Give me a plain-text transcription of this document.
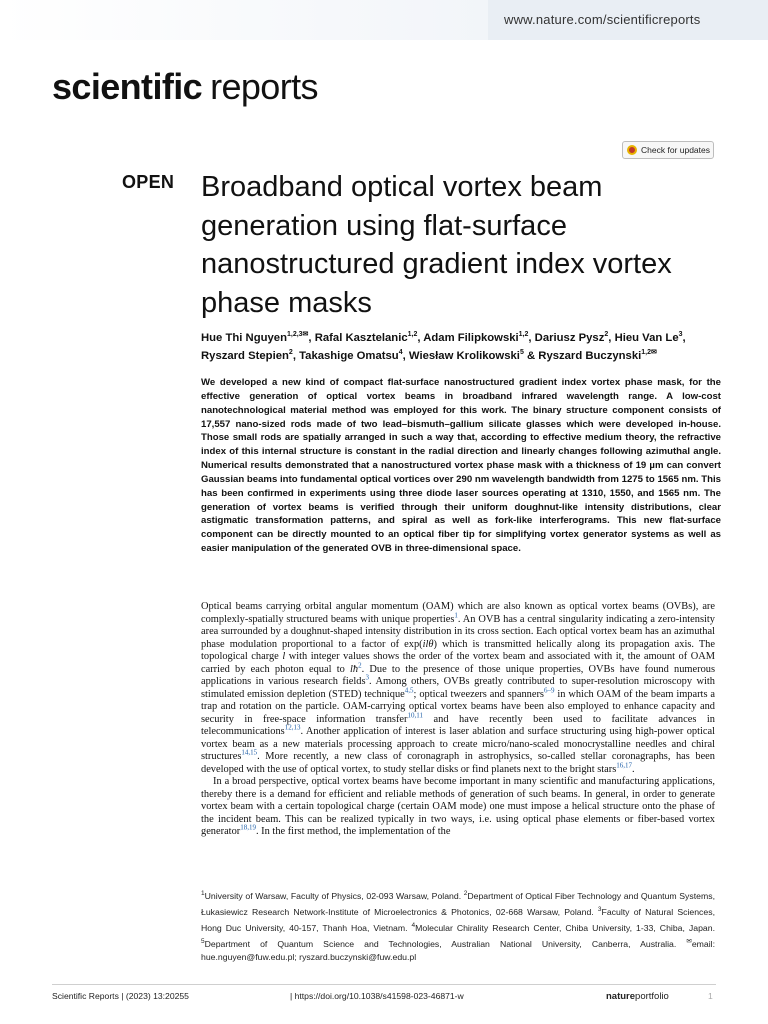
www.nature.com/scientificreports
scientific reports
Check for updates
OPEN Broadband optical vortex beam generation using flat-surface nanostructured gradient index vortex phase masks
Hue Thi Nguyen$^{1,2,3✉}$, Rafal Kasztelanic$^{1,2}$, Adam Filipkowski$^{1,2}$, Dariusz Pysz$^2$, Hieu Van Le$^3$, Ryszard Stepien$^2$, Takashige Omatsu$^4$, Wiesław Krolikowski$^5$ & Ryszard Buczynski$^{1,2✉}$

We developed a new kind of compact flat-surface nanostructured gradient index vortex phase mask, for the effective generation of optical vortex beams in broadband infrared wavelength range. A low-cost nanotechnological material method was employed for this work. The binary structure component consists of 17,557 nano-sized rods made of two lead–bismuth–gallium silicate glasses which were developed in-house. Those small rods are spatially arranged in such a way that, according to effective medium theory, the refractive index of this internal structure is constant in the radial direction and linearly changes following azimuthal angle. Numerical results demonstrated that a nanostructured vortex phase mask with a thickness of 19 µm can convert Gaussian beams into fundamental optical vortices over 290 nm wavelength bandwidth from 1275 to 1565 nm. This has been confirmed in experiments using three diode laser sources operating at 1310, 1550, and 1565 nm. The generation of vortex beams is verified through their uniform doughnut-like intensity distributions, clear astigmatic transformation patterns, and spiral as well as fork-like interferograms. This new flat-surface component can be directly mounted to an optical fiber tip for simplifying vortex generator systems as well as easier manipulation of the generated OVB in three-dimensional space.

Optical beams carrying orbital angular momentum (OAM) which are also known as optical vortex beams (OVBs), are complexly-spatially structured beams with unique properties$^1$. An OVB has a central singularity indicating a zero-intensity area surrounded by a doughnut-shaped intensity distribution in its cross section. Each optical vortex beam has an azimuthal phase modulation proportional to a factor of exp(ilθ) which is transmitted helically along its propagation axis. The topological charge l with integer values shows the order of the vortex beam and associated with it, the amount of OAM carried by each photon equal to lħ$^2$. Due to the presence of those unique properties, OVBs have found numerous applications in various research fields$^3$. Among others, OVBs greatly contributed to super-resolution microscopy with stimulated emission depletion (STED) technique$^{4,5}$; optical tweezers and spanners$^{6-9}$ in which OAM of the beam imparts a trap and rotation on the particle. OAM-carrying optical vortex beams have been also employed to enhance capacity and security in free-space information transfer$^{10,11}$ and have recently been used to facilitate advances in telecommunications$^{12,13}$. Another application of interest is laser ablation and surface structuring using high-power optical vortex beam as a new materials processing approach to create micro/nano-scaled monocrystalline needles and chiral structures$^{14,15}$. More recently, a new class of coronagraph in astrophysics, so-called stellar coronagraphs, has been developed with the use of optical vortex, to study stellar disks or find planets next to the bright stars$^{16,17}$.

In a broad perspective, optical vortex beams have become important in many scientific and manufacturing applications, thereby there is a demand for efficient and reliable methods of generation of such beams. In general, in order to generate vortex beam with a certain topological charge (certain OAM mode) one must impose a helical structure onto the phase of the incident beam. This can be realized typically in two ways, i.e. using optical phase elements or fiber-based vortex generator$^{18,19}$. In the first method, the implementation of the

$^1$University of Warsaw, Faculty of Physics, 02-093 Warsaw, Poland. $^2$Department of Optical Fiber Technology and Quantum Systems, Łukasiewicz Research Network-Institute of Microelectronics & Photonics, 02-668 Warsaw, Poland. $^3$Faculty of Natural Sciences, Hong Duc University, 40-157, Thanh Hoa, Vietnam. $^4$Molecular Chirality Research Center, Chiba University, 1-33, Chiba, Japan. $^5$Department of Quantum Science and Technologies, Australian National University, Canberra, Australia. ✉email: hue.nguyen@fuw.edu.pl; ryszard.buczynski@fuw.edu.pl
Scientific Reports | (2023) 13:20255	| https://doi.org/10.1038/s41598-023-46871-w	natureportfolio	1
